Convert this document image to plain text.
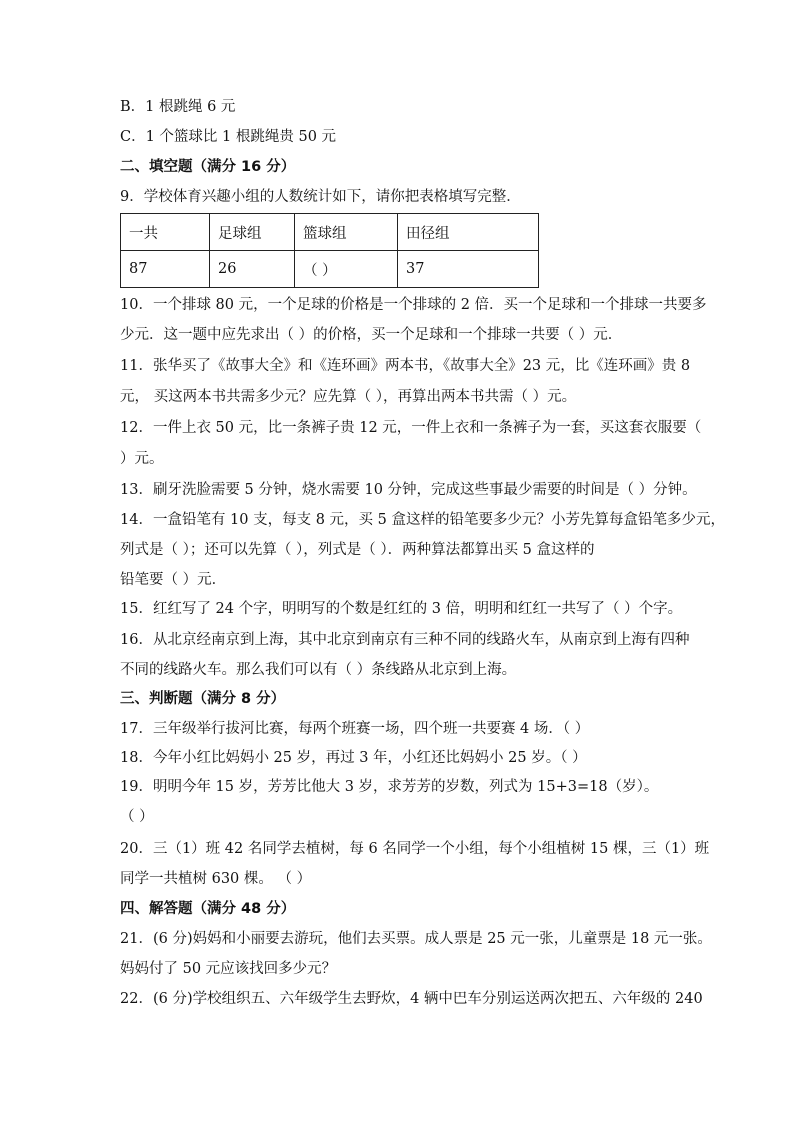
B．1 根跳绳 6 元
C．1 个篮球比 1 根跳绳贵 50 元
二、填空题（满分 16 分）
9．学校体育兴趣小组的人数统计如下，请你把表格填写完整．
一共	足球组	篮球组	田径组
87	26	（ ）	37
10．一个排球 80 元，一个足球的价格是一个排球的 2 倍．买一个足球和一个排球一共要多
少元．这一题中应先求出（ ）的价格，买一个足球和一个排球一共要（ ）元．
11．张华买了《故事大全》和《连环画》两本书，《故事大全》23 元，比《连环画》贵 8
元， 买这两本书共需多少元？应先算（ ），再算出两本书共需（ ）元。
12．一件上衣 50 元，比一条裤子贵 12 元，一件上衣和一条裤子为一套，买这套衣服要（
）元。
13．刷牙洗脸需要 5 分钟，烧水需要 10 分钟，完成这些事最少需要的时间是（ ）分钟。
14．一盒铅笔有 10 支，每支 8 元，买 5 盒这样的铅笔要多少元？小芳先算每盒铅笔多少元，
列式是（ ）；还可以先算（ ），列式是（ ）．两种算法都算出买 5 盒这样的
铅笔要（ ）元．
15．红红写了 24 个字，明明写的个数是红红的 3 倍，明明和红红一共写了（ ）个字。
16．从北京经南京到上海，其中北京到南京有三种不同的线路火车，从南京到上海有四种
不同的线路火车。那么我们可以有（ ）条线路从北京到上海。
三、判断题（满分 8 分）
17．三年级举行拔河比赛，每两个班赛一场，四个班一共要赛 4 场．（ ）
18．今年小红比妈妈小 25 岁，再过 3 年，小红还比妈妈小 25 岁。（ ）
19．明明今年 15 岁，芳芳比他大 3 岁，求芳芳的岁数，列式为 15+3=18（岁）。
（ ）
20．三（1）班 42 名同学去植树，每 6 名同学一个小组，每个小组植树 15 棵，三（1）班
同学一共植树 630 棵。 （ ）
四、解答题（满分 48 分）
21．(6 分)妈妈和小丽要去游玩，他们去买票。成人票是 25 元一张，儿童票是 18 元一张。
妈妈付了 50 元应该找回多少元？
22．(6 分)学校组织五、六年级学生去野炊，4 辆中巴车分别运送两次把五、六年级的 240
